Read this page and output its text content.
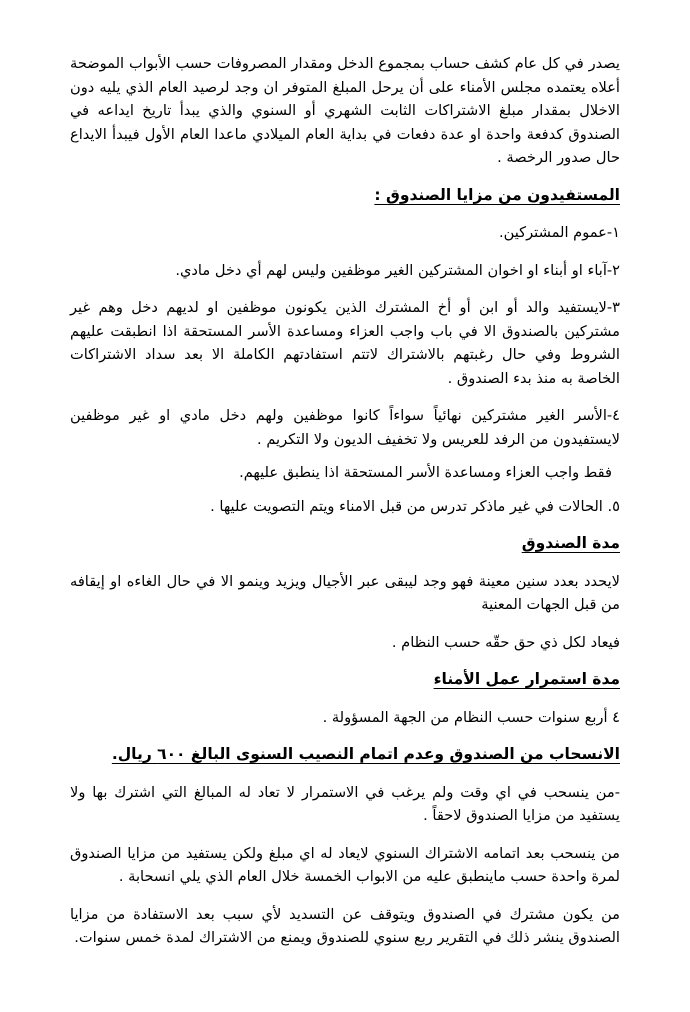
يصدر في كل عام كشف حساب بمجموع الدخل ومقدار المصروفات حسب الأبواب الموضحة أعلاه يعتمده مجلس الأمناء على أن يرحل المبلغ المتوفر ان وجد لرصيد العام الذي يليه دون الاخلال بمقدار مبلغ الاشتراكات الثابت الشهري أو السنوي والذي يبدأ تاريخ ايداعه في الصندوق كدفعة واحدة او عدة دفعات في بداية العام الميلادي ماعدا العام الأول فيبدأ الايداع حال صدور الرخصة .

المستفيدون من مزايا الصندوق :

١-عموم المشتركين.

٢-آباء او أبناء او اخوان المشتركين الغير موظفين وليس لهم أي دخل مادي.

٣-لايستفيد والد أو ابن أو أخ المشترك الذين يكونون موظفين او لديهم دخل وهم غير مشتركين بالصندوق الا في باب واجب العزاء ومساعدة الأسر المستحقة اذا انطبقت عليهم الشروط وفي حال رغبتهم بالاشتراك لاتتم استفادتهم الكاملة الا بعد سداد الاشتراكات الخاصة به منذ بدء الصندوق .

٤-الأسر الغير مشتركين نهائياً سواءاً كانوا موظفين ولهم دخل مادي او غير موظفين لايستفيدون من الرفد للعريس ولا تخفيف الديون ولا التكريم .

فقط واجب العزاء ومساعدة الأسر المستحقة اذا ينطبق عليهم.

٥. الحالات في غير ماذكر تدرس من قبل الامناء ويتم التصويت عليها .

مدة الصندوق

لايحدد بعدد سنين معينة فهو وجد ليبقى عبر الأجيال ويزيد وينمو الا في حال الغاءه او إيقافه من قبل الجهات المعنية

فيعاد لكل ذي حق حقّه حسب النظام .

مدة استمرار عمل الأمناء

٤ أربع سنوات حسب النظام من الجهة المسؤولة .

الانسحاب من الصندوق وعدم اتمام النصيب السنوى البالغ ٦٠٠ ريال.

-من ينسحب في اي وقت ولم يرغب في الاستمرار لا تعاد له المبالغ التي اشترك بها ولا يستفيد من مزايا الصندوق لاحقاً .

من ينسحب بعد اتمامه الاشتراك السنوي لايعاد له اي مبلغ ولكن يستفيد من مزايا الصندوق لمرة واحدة حسب ماينطبق عليه من الابواب الخمسة خلال العام الذي يلي انسحابة .

من يكون مشترك في الصندوق ويتوقف عن التسديد لأي سبب بعد الاستفادة من مزايا الصندوق ينشر ذلك في التقرير ربع سنوي للصندوق ويمنع من الاشتراك لمدة خمس سنوات.
